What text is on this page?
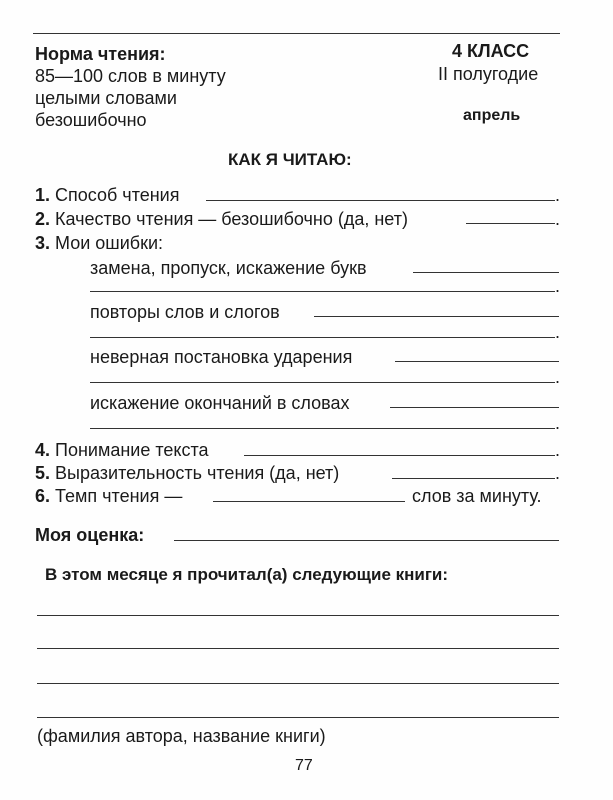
Норма чтения:
85—100 слов в минуту
целыми словами
безошибочно
4 КЛАСС
II полугодие
апрель
КАК Я ЧИТАЮ:
1. Способ чтения	.
2. Качество чтения — безошибочно (да, нет)	.
3. Мои ошибки:
замена, пропуск, искажение букв
.
повторы слов и слогов
.
неверная постановка ударения
.
искажение окончаний в словах
.
4. Понимание текста	.
5. Выразительность чтения (да, нет)	.
6. Темп чтения —	слов за минуту.
Моя оценка:
В этом месяце я прочитал(а) следующие книги:
(фамилия автора, название книги)
77
